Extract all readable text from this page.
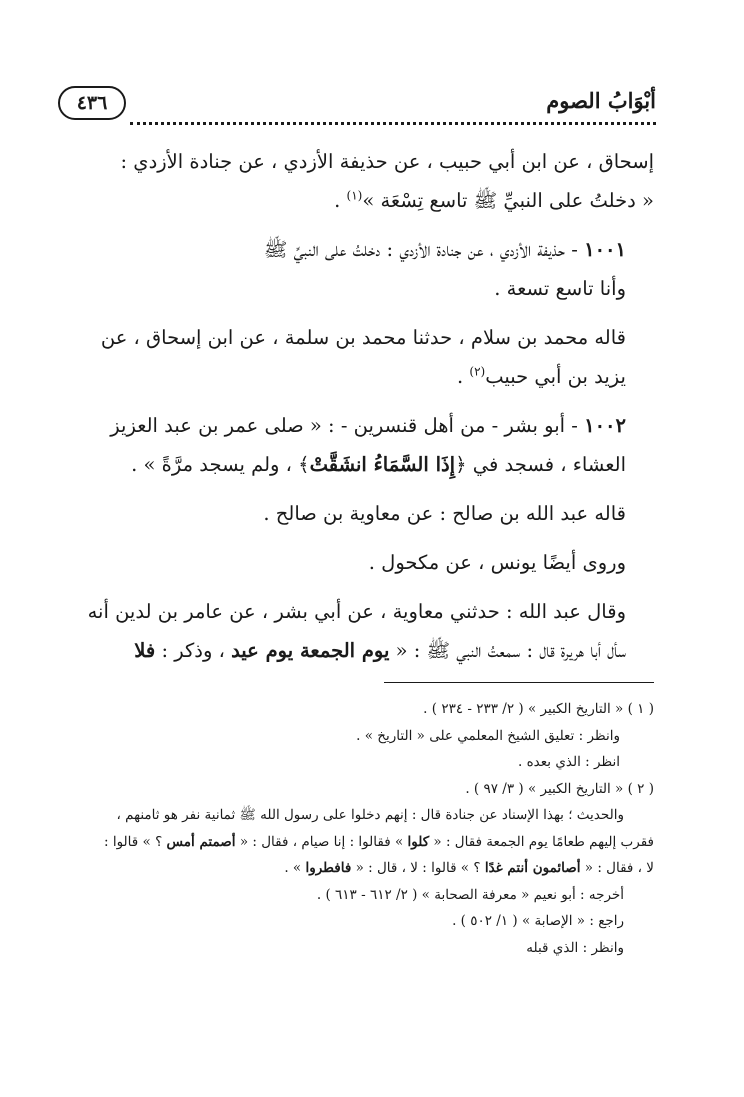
٤٣٦	أبْوَابُ الصوم

إسحاق ، عن ابن أبي حبيب ، عن حذيفة الأزدي ، عن جنادة الأزدي :
« دخلتُ على النبيِّ ﷺ تاسع تِسْعَة »$^{(١)}$ .

١٠٠١ - حذيفة الأزدي ، عن جنادة الأزدي : دخلتُ على النبيِّ ﷺ
وأنا تاسع تسعة .

قاله محمد بن سلام ، حدثنا محمد بن سلمة ، عن ابن إسحاق ، عن
يزيد بن أبي حبيب$^{(٢)}$ .

١٠٠٢ - أبو بشر - من أهل قنسرين - : « صلى عمر بن عبد العزيز
العشاء ، فسجد في ﴿إِذَا السَّمَاءُ انشَقَّتْ﴾ ، ولم يسجد مرَّةً » .

قاله عبد الله بن صالح : عن معاوية بن صالح .

وروى أيضًا يونس ، عن مكحول .

وقال عبد الله : حدثني معاوية ، عن أبي بشر ، عن عامر بن لدين أنه
سأل أبا هريرة قال : سمعتُ النبي ﷺ : « يوم الجمعة يوم عيد ، وذكر : فلا

( ١ ) « التاريخ الكبير » ( ٢/ ٢٣٣ - ٢٣٤ ) .
وانظر : تعليق الشيخ المعلمي على « التاريخ » .
انظر : الذي بعده .
( ٢ ) « التاريخ الكبير » ( ٣/ ٩٧ ) .
والحديث ؛ بهذا الإسناد عن جنادة قال : إنهم دخلوا على رسول الله ﷺ ثمانية نفر هو ثامنهم ،
فقرب إليهم طعامًا يوم الجمعة فقال : « كلوا » فقالوا : إنا صيام ، فقال : « أصمتم أمس ؟ » قالوا :
لا ، فقال : « أصائمون أنتم غدًا ؟ » قالوا : لا ، قال : « فافطروا » .
أخرجه : أبو نعيم « معرفة الصحابة » ( ٢/ ٦١٢ - ٦١٣ ) .
راجع : « الإصابة » ( ١/ ٥٠٢ ) .
وانظر : الذي قبله
